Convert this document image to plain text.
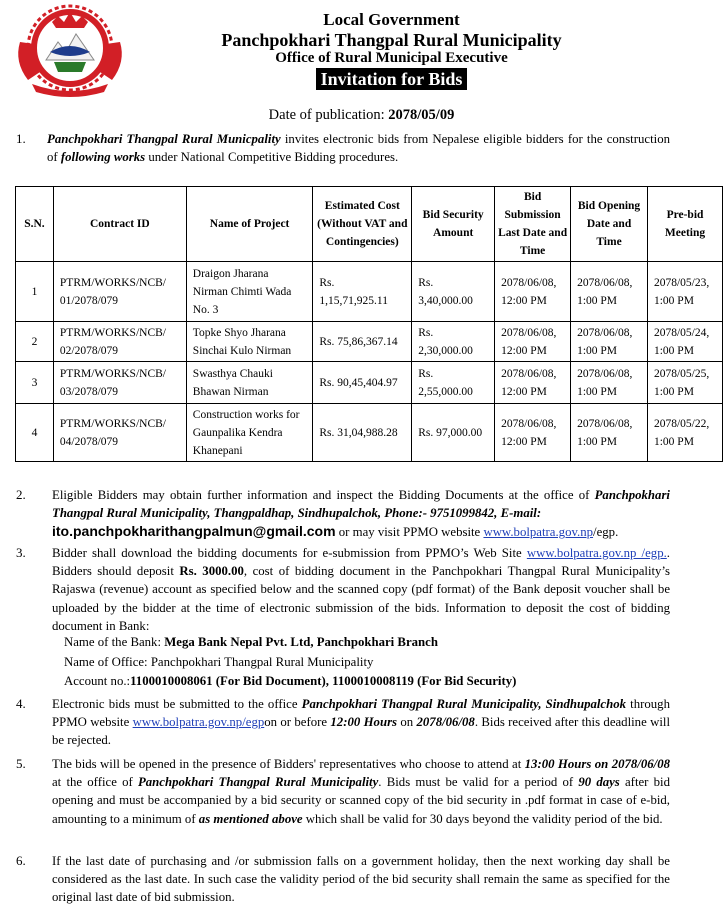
Local Government
Panchpokhari Thangpal Rural Municipality
Office of Rural Municipal Executive
Invitation for Bids
Date of publication: 2078/05/09
1. Panchpokhari Thangpal Rural Municpality invites electronic bids from Nepalese eligible bidders for the construction of following works under National Competitive Bidding procedures.
S.N.	Contract ID	Name of Project	Estimated Cost (Without VAT and Contingencies)	Bid Security Amount	Bid Submission Last Date and Time	Bid Opening Date and Time	Pre-bid Meeting
1	PTRM/WORKS/NCB/ 01/2078/079	Draigon Jharana Nirman Chimti Wada No. 3	Rs. 1,15,71,925.11	Rs. 3,40,000.00	2078/06/08, 12:00 PM	2078/06/08, 1:00 PM	2078/05/23, 1:00 PM
2	PTRM/WORKS/NCB/ 02/2078/079	Topke Shyo Jharana Sinchai Kulo Nirman	Rs. 75,86,367.14	Rs. 2,30,000.00	2078/06/08, 12:00 PM	2078/06/08, 1:00 PM	2078/05/24, 1:00 PM
3	PTRM/WORKS/NCB/ 03/2078/079	Swasthya Chauki Bhawan Nirman	Rs. 90,45,404.97	Rs. 2,55,000.00	2078/06/08, 12:00 PM	2078/06/08, 1:00 PM	2078/05/25, 1:00 PM
4	PTRM/WORKS/NCB/ 04/2078/079	Construction works for Gaunpalika Kendra Khanepani	Rs. 31,04,988.28	Rs. 97,000.00	2078/06/08, 12:00 PM	2078/06/08, 1:00 PM	2078/05/22, 1:00 PM
2. Eligible Bidders may obtain further information and inspect the Bidding Documents at the office of Panchpokhari Thangpal Rural Municipality, Thangpaldhap, Sindhupalchok, Phone:- 9751099842, E-mail:
ito.panchpokharithangpalmun@gmail.com or may visit PPMO website www.bolpatra.gov.np/egp.
3. Bidder shall download the bidding documents for e-submission from PPMO’s Web Site www.bolpatra.gov.np /egp.. Bidders should deposit Rs. 3000.00, cost of bidding document in the Panchpokhari Thangpal Rural Municipality’s Rajaswa (revenue) account as specified below and the scanned copy (pdf format) of the Bank deposit voucher shall be uploaded by the bidder at the time of electronic submission of the bids. Information to deposit the cost of bidding document in Bank:
Name of the Bank: Mega Bank Nepal Pvt. Ltd, Panchpokhari Branch
Name of Office: Panchpokhari Thangpal Rural Municipality
Account no.:1100010008061 (For Bid Document), 1100010008119 (For Bid Security)
4. Electronic bids must be submitted to the office Panchpokhari Thangpal Rural Municipality, Sindhupalchok through PPMO website www.bolpatra.gov.np/egpon or before 12:00 Hours on 2078/06/08. Bids received after this deadline will be rejected.
5. The bids will be opened in the presence of Bidders' representatives who choose to attend at 13:00 Hours on 2078/06/08 at the office of Panchpokhari Thangpal Rural Municipality. Bids must be valid for a period of 90 days after bid opening and must be accompanied by a bid security or scanned copy of the bid security in .pdf format in case of e-bid, amounting to a minimum of as mentioned above which shall be valid for 30 days beyond the validity period of the bid.
6. If the last date of purchasing and /or submission falls on a government holiday, then the next working day shall be considered as the last date. In such case the validity period of the bid security shall remain the same as specified for the original last date of bid submission.
